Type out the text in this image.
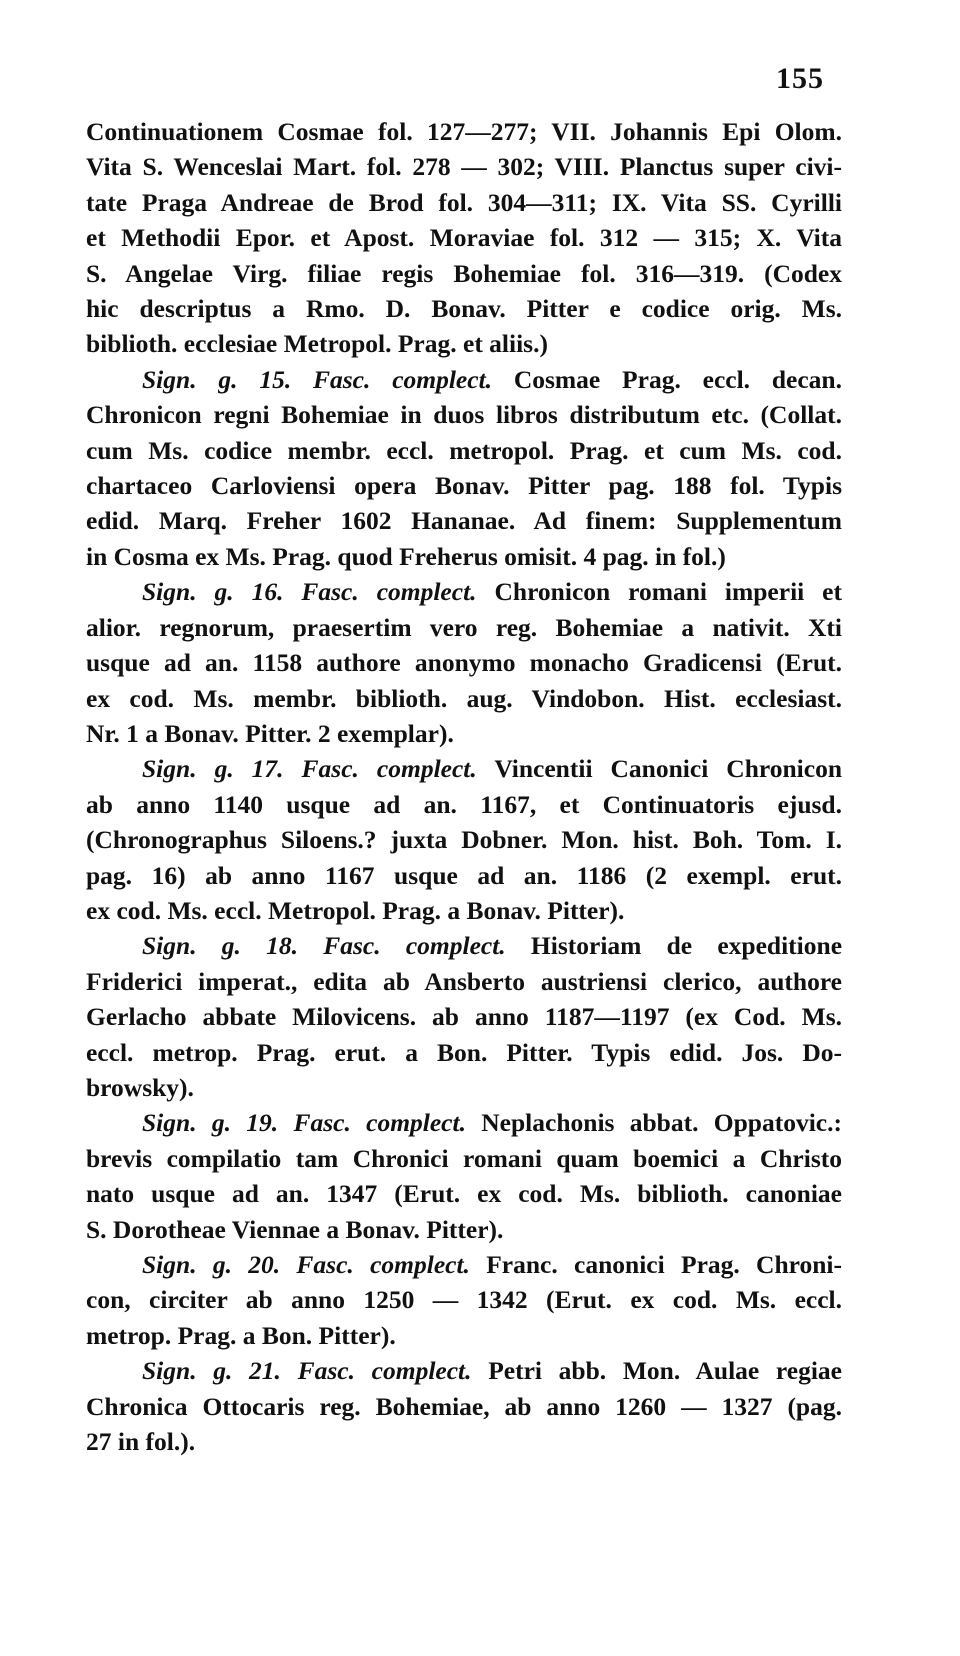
155
Continuationem Cosmae fol. 127—277; VII. Johannis Epi Olom.
Vita S. Wenceslai Mart. fol. 278 — 302; VIII. Planctus super civi-
tate Praga Andreae de Brod fol. 304—311; IX. Vita SS. Cyrilli
et Methodii Epor. et Apost. Moraviae fol. 312 — 315; X. Vita
S. Angelae Virg. filiae regis Bohemiae fol. 316—319. (Codex
hic descriptus a Rmo. D. Bonav. Pitter e codice orig. Ms.
biblioth. ecclesiae Metropol. Prag. et aliis.)
Sign. g. 15. Fasc. complect. Cosmae Prag. eccl. decan.
Chronicon regni Bohemiae in duos libros distributum etc. (Collat.
cum Ms. codice membr. eccl. metropol. Prag. et cum Ms. cod.
chartaceo Carloviensi opera Bonav. Pitter pag. 188 fol. Typis
edid. Marq. Freher 1602 Hananae. Ad finem: Supplementum
in Cosma ex Ms. Prag. quod Freherus omisit. 4 pag. in fol.)
Sign. g. 16. Fasc. complect. Chronicon romani imperii et
alior. regnorum, praesertim vero reg. Bohemiae a nativit. Xti
usque ad an. 1158 authore anonymo monacho Gradicensi (Erut.
ex cod. Ms. membr. biblioth. aug. Vindobon. Hist. ecclesiast.
Nr. 1 a Bonav. Pitter. 2 exemplar).
Sign. g. 17. Fasc. complect. Vincentii Canonici Chronicon
ab anno 1140 usque ad an. 1167, et Continuatoris ejusd.
(Chronographus Siloens.? juxta Dobner. Mon. hist. Boh. Tom. I.
pag. 16) ab anno 1167 usque ad an. 1186 (2 exempl. erut.
ex cod. Ms. eccl. Metropol. Prag. a Bonav. Pitter).
Sign. g. 18. Fasc. complect. Historiam de expeditione
Friderici imperat., edita ab Ansberto austriensi clerico, authore
Gerlacho abbate Milovicens. ab anno 1187—1197 (ex Cod. Ms.
eccl. metrop. Prag. erut. a Bon. Pitter. Typis edid. Jos. Do-
browsky).
Sign. g. 19. Fasc. complect. Neplachonis abbat. Oppatovic.:
brevis compilatio tam Chronici romani quam boemici a Christo
nato usque ad an. 1347 (Erut. ex cod. Ms. biblioth. canoniae
S. Dorotheae Viennae a Bonav. Pitter).
Sign. g. 20. Fasc. complect. Franc. canonici Prag. Chroni-
con, circiter ab anno 1250 — 1342 (Erut. ex cod. Ms. eccl.
metrop. Prag. a Bon. Pitter).
Sign. g. 21. Fasc. complect. Petri abb. Mon. Aulae regiae
Chronica Ottocaris reg. Bohemiae, ab anno 1260 — 1327 (pag.
27 in fol.).
